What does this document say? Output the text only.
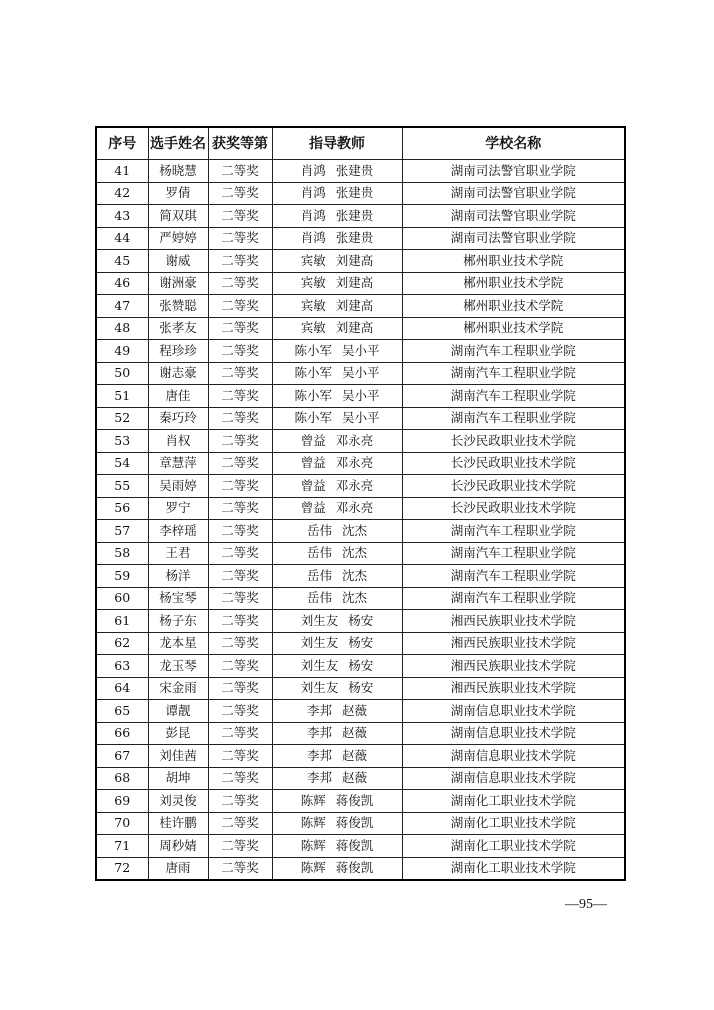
序号	选手姓名	获奖等第	指导教师	学校名称
41	杨晓慧	二等奖	肖鸿 张建贵	湖南司法警官职业学院
42	罗倩	二等奖	肖鸿 张建贵	湖南司法警官职业学院
43	简双琪	二等奖	肖鸿 张建贵	湖南司法警官职业学院
44	严婷婷	二等奖	肖鸿 张建贵	湖南司法警官职业学院
45	谢威	二等奖	宾敏 刘建高	郴州职业技术学院
46	谢洲豪	二等奖	宾敏 刘建高	郴州职业技术学院
47	张赞聪	二等奖	宾敏 刘建高	郴州职业技术学院
48	张孝友	二等奖	宾敏 刘建高	郴州职业技术学院
49	程珍珍	二等奖	陈小军 吴小平	湖南汽车工程职业学院
50	谢志豪	二等奖	陈小军 吴小平	湖南汽车工程职业学院
51	唐佳	二等奖	陈小军 吴小平	湖南汽车工程职业学院
52	秦巧玲	二等奖	陈小军 吴小平	湖南汽车工程职业学院
53	肖权	二等奖	曾益 邓永亮	长沙民政职业技术学院
54	章慧萍	二等奖	曾益 邓永亮	长沙民政职业技术学院
55	吴雨婷	二等奖	曾益 邓永亮	长沙民政职业技术学院
56	罗宁	二等奖	曾益 邓永亮	长沙民政职业技术学院
57	李梓瑶	二等奖	岳伟 沈杰	湖南汽车工程职业学院
58	王君	二等奖	岳伟 沈杰	湖南汽车工程职业学院
59	杨洋	二等奖	岳伟 沈杰	湖南汽车工程职业学院
60	杨宝琴	二等奖	岳伟 沈杰	湖南汽车工程职业学院
61	杨子东	二等奖	刘生友 杨安	湘西民族职业技术学院
62	龙本星	二等奖	刘生友 杨安	湘西民族职业技术学院
63	龙玉琴	二等奖	刘生友 杨安	湘西民族职业技术学院
64	宋金雨	二等奖	刘生友 杨安	湘西民族职业技术学院
65	谭靓	二等奖	李邦 赵薇	湖南信息职业技术学院
66	彭昆	二等奖	李邦 赵薇	湖南信息职业技术学院
67	刘佳茜	二等奖	李邦 赵薇	湖南信息职业技术学院
68	胡坤	二等奖	李邦 赵薇	湖南信息职业技术学院
69	刘灵俊	二等奖	陈辉 蒋俊凯	湖南化工职业技术学院
70	桂许鹏	二等奖	陈辉 蒋俊凯	湖南化工职业技术学院
71	周秒婧	二等奖	陈辉 蒋俊凯	湖南化工职业技术学院
72	唐雨	二等奖	陈辉 蒋俊凯	湖南化工职业技术学院
—95—
